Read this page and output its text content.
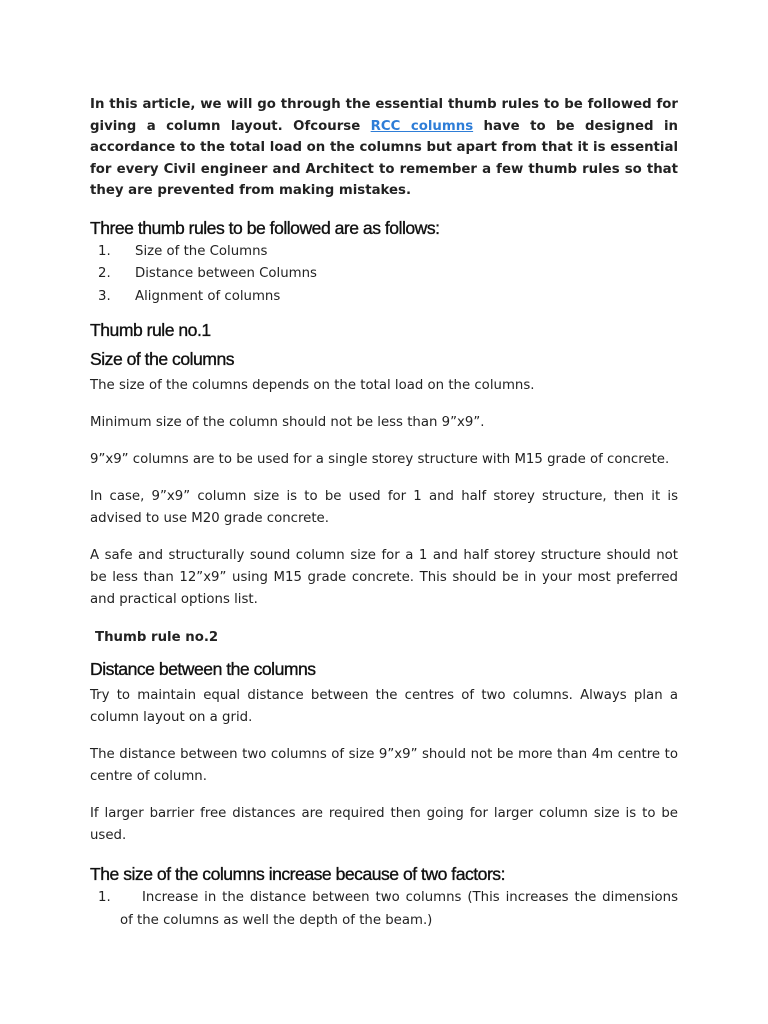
In this article, we will go through the essential thumb rules to be followed for giving a column layout. Ofcourse RCC columns have to be designed in accordance to the total load on the columns but apart from that it is essential for every Civil engineer and Architect to remember a few thumb rules so that they are prevented from making mistakes.

Three thumb rules to be followed are as follows:
1. Size of the Columns
2. Distance between Columns
3. Alignment of columns
Thumb rule no.1
Size of the columns

The size of the columns depends on the total load on the columns.

Minimum size of the column should not be less than 9”x9”.

9”x9” columns are to be used for a single storey structure with M15 grade of concrete.

In case, 9”x9” column size is to be used for 1 and half storey structure, then it is advised to use M20 grade concrete.

A safe and structurally sound column size for a 1 and half storey structure should not be less than 12”x9” using M15 grade concrete. This should be in your most preferred and practical options list.

Thumb rule no.2

Distance between the columns

Try to maintain equal distance between the centres of two columns. Always plan a column layout on a grid.

The distance between two columns of size 9”x9” should not be more than 4m centre to centre of column.

If larger barrier free distances are required then going for larger column size is to be used.

The size of the columns increase because of two factors:
1. Increase in the distance between two columns (This increases the dimensions of the columns as well the depth of the beam.)
